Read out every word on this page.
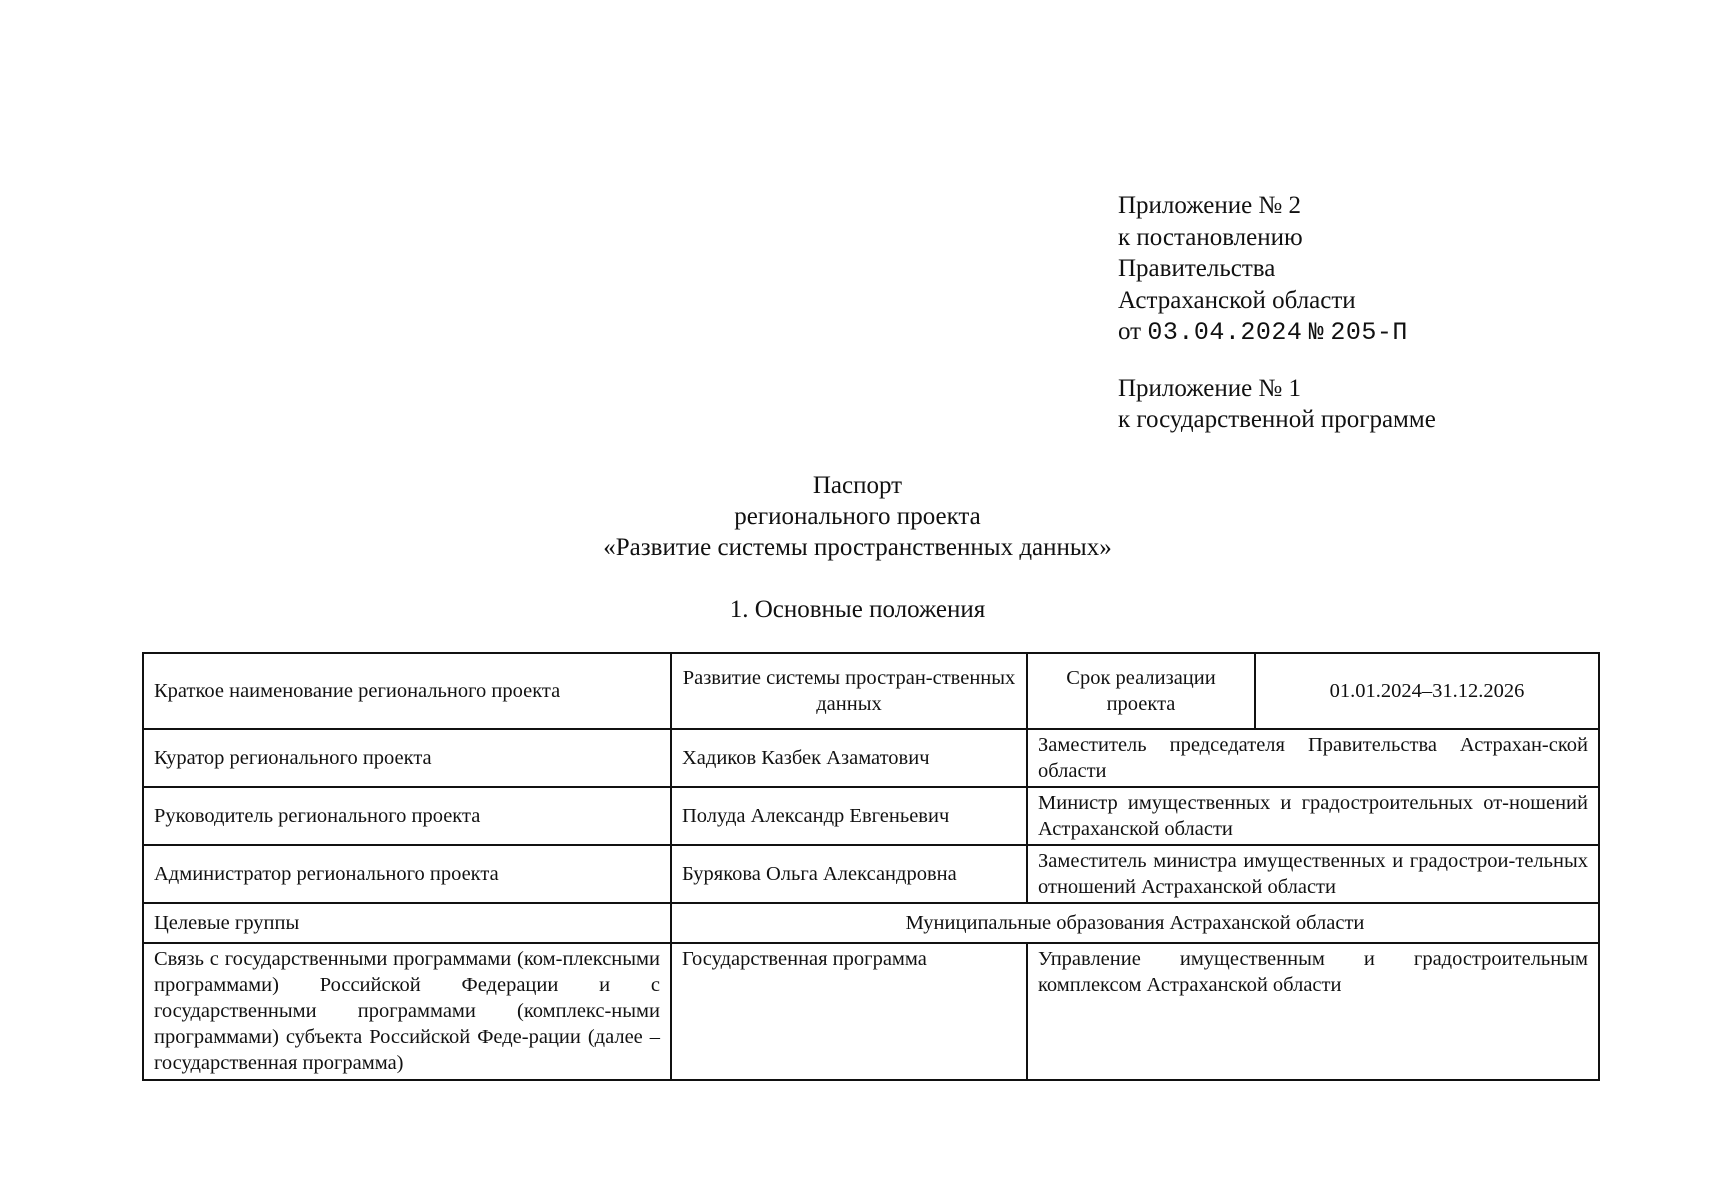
Приложение № 2
к постановлению
Правительства
Астраханской области
от 03.04.2024 № 205-П
Приложение № 1
к государственной программе
Паспорт
регионального проекта
«Развитие системы пространственных данных»
1. Основные положения
Краткое наименование регионального проекта	Развитие системы простран-ственных данных	Срок реализации проекта	01.01.2024–31.12.2026
Куратор регионального проекта	Хадиков Казбек Азаматович	Заместитель председателя Правительства Астрахан-ской области	
Руководитель регионального проекта	Полуда Александр Евгеньевич	Министр имущественных и градостроительных от-ношений Астраханской области	
Администратор регионального проекта	Бурякова Ольга Александровна	Заместитель министра имущественных и градострои-тельных отношений Астраханской области	
Целевые группы	Муниципальные образования Астраханской области		
Связь с государственными программами (ком-плексными программами) Российской Федерации и с государственными программами (комплекс-ными программами) субъекта Российской Феде-рации (далее – государственная программа)	Государственная программа	Управление имущественным и градостроительным комплексом Астраханской области	
